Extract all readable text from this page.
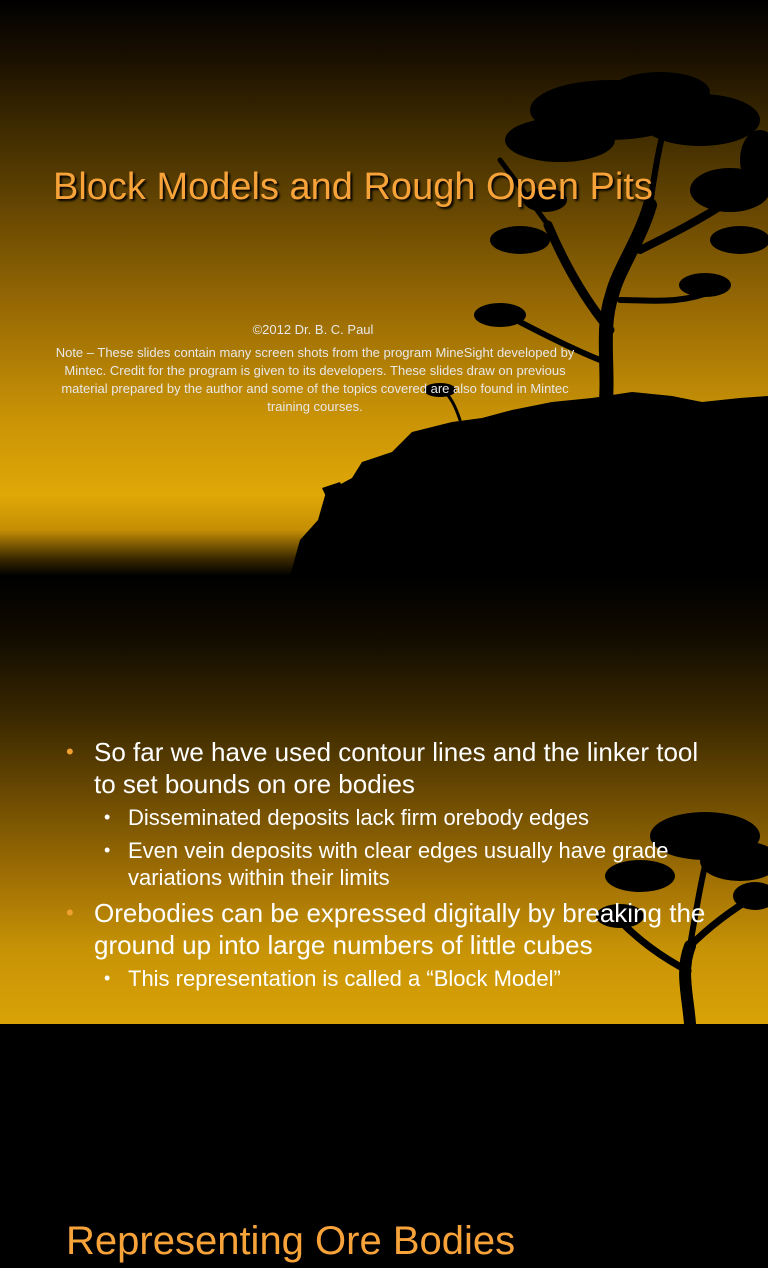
Block Models and Rough Open Pits
©2012 Dr. B. C. Paul
Note – These slides contain many screen shots from the program MineSight developed by Mintec. Credit for the program is given to its developers. These slides draw on previous material prepared by the author and some of the topics covered are also found in Mintec training courses.
Representing Ore Bodies
• So far we have used contour lines and the linker tool to set bounds on ore bodies
• Disseminated deposits lack firm orebody edges
• Even vein deposits with clear edges usually have grade variations within their limits
• Orebodies can be expressed digitally by breaking the ground up into large numbers of little cubes
• This representation is called a “Block Model”
